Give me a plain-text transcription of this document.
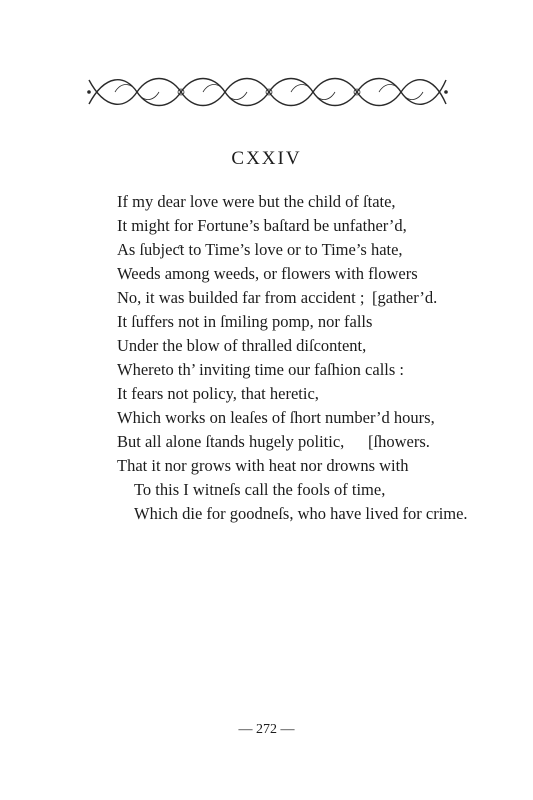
CXXIV
If my dear love were but the child of ſtate,
It might for Fortune’s baſtard be unfather’d,
As ſubjeƈt to Time’s love or to Time’s hate,
Weeds among weeds, or flowers with flowers
No, it was builded far from accident ; [gather’d.
It ſuffers not in ſmiling pomp, nor falls
Under the blow of thralled diſcontent,
Whereto th’ inviting time our faſhion calls :
It fears not policy, that heretic,
Which works on leaſes of ſhort number’d hours,
But all alone ſtands hugely politic, [ſhowers.
That it nor grows with heat nor drowns with
To this I witneſs call the fools of time,
Which die for goodneſs, who have lived for crime.
— 272 —
